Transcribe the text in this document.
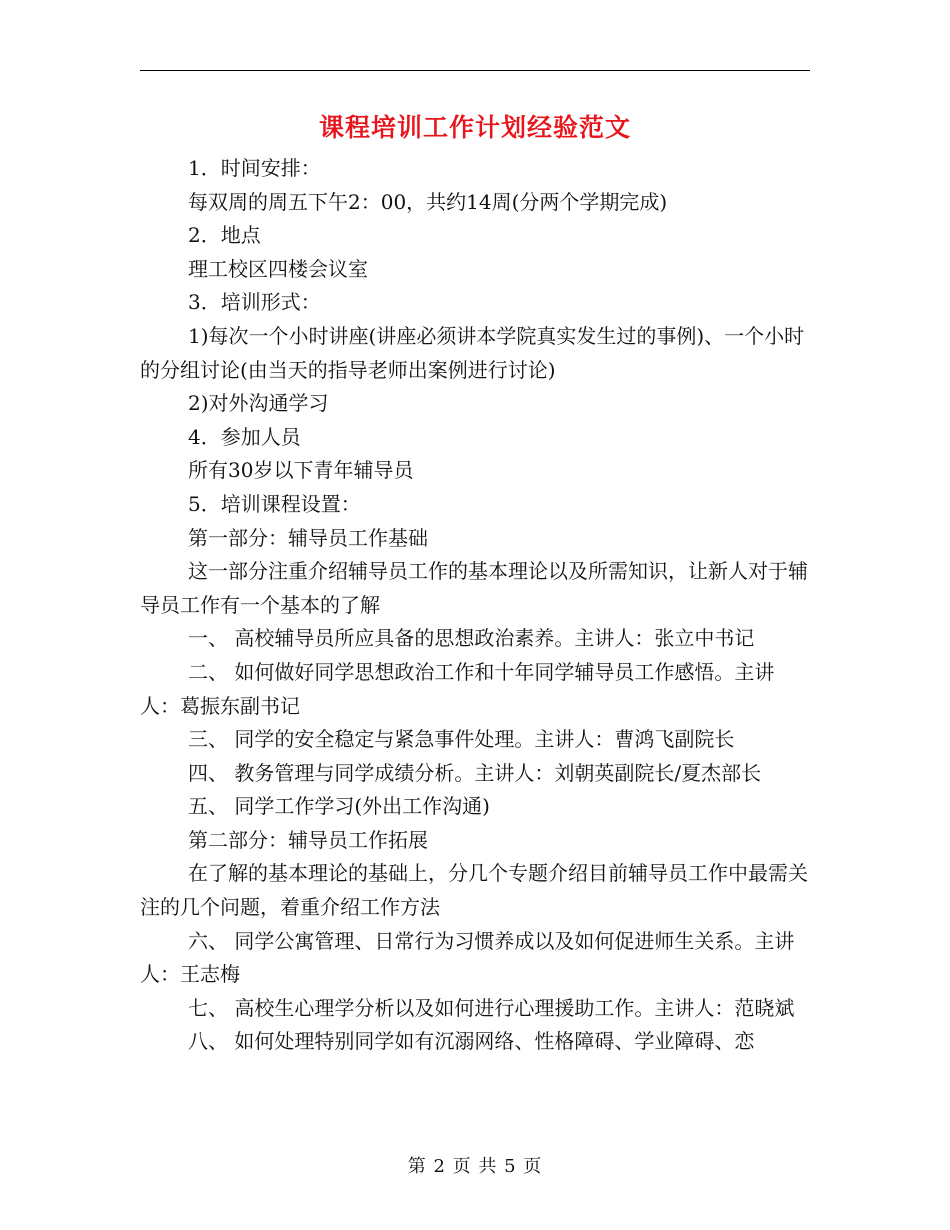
课程培训工作计划经验范文

1．时间安排：

每双周的周五下午2：00，共约14周(分两个学期完成)

2．地点

理工校区四楼会议室

3．培训形式：

1)每次一个小时讲座(讲座必须讲本学院真实发生过的事例)、一个小时的分组讨论(由当天的指导老师出案例进行讨论)

2)对外沟通学习

4．参加人员

所有30岁以下青年辅导员

5．培训课程设置：

第一部分：辅导员工作基础

这一部分注重介绍辅导员工作的基本理论以及所需知识，让新人对于辅导员工作有一个基本的了解

一、 高校辅导员所应具备的思想政治素养。主讲人：张立中书记

二、 如何做好同学思想政治工作和十年同学辅导员工作感悟。主讲人：葛振东副书记

三、 同学的安全稳定与紧急事件处理。主讲人：曹鸿飞副院长

四、 教务管理与同学成绩分析。主讲人：刘朝英副院长/夏杰部长

五、 同学工作学习(外出工作沟通)

第二部分：辅导员工作拓展

在了解的基本理论的基础上，分几个专题介绍目前辅导员工作中最需关注的几个问题，着重介绍工作方法

六、 同学公寓管理、日常行为习惯养成以及如何促进师生关系。主讲人：王志梅

七、 高校生心理学分析以及如何进行心理援助工作。主讲人：范晓斌

八、 如何处理特别同学如有沉溺网络、性格障碍、学业障碍、恋

第 2 页 共 5 页
